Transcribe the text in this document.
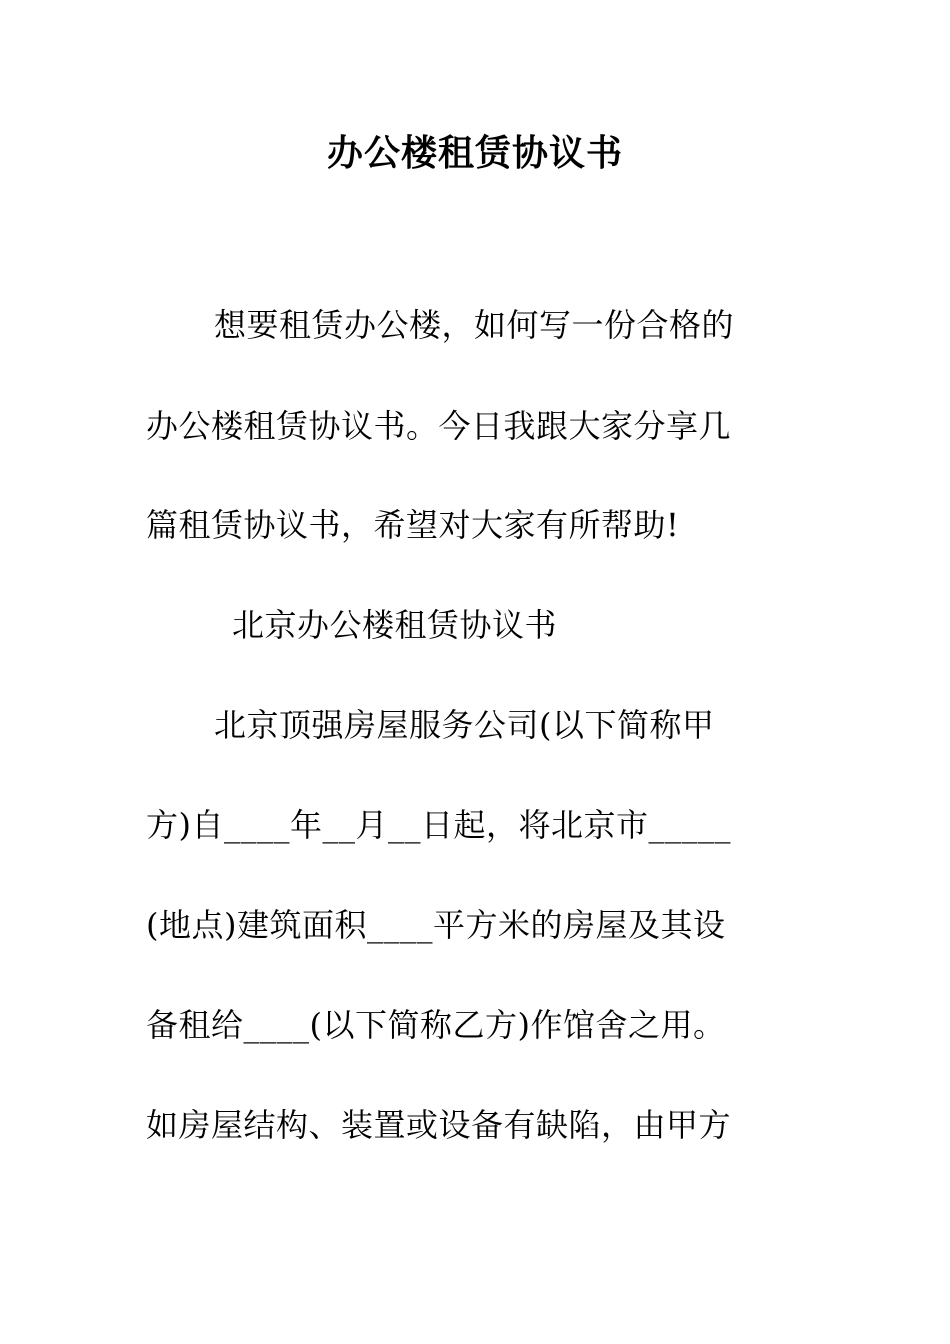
办公楼租赁协议书
想要租赁办公楼，如何写一份合格的
办公楼租赁协议书。今日我跟大家分享几
篇租赁协议书，希望对大家有所帮助!
北京办公楼租赁协议书
北京顶强房屋服务公司(以下简称甲
方)自____年__月__日起，将北京市_____
(地点)建筑面积____平方米的房屋及其设
备租给____(以下简称乙方)作馆舍之用。
如房屋结构、装置或设备有缺陷，由甲方
